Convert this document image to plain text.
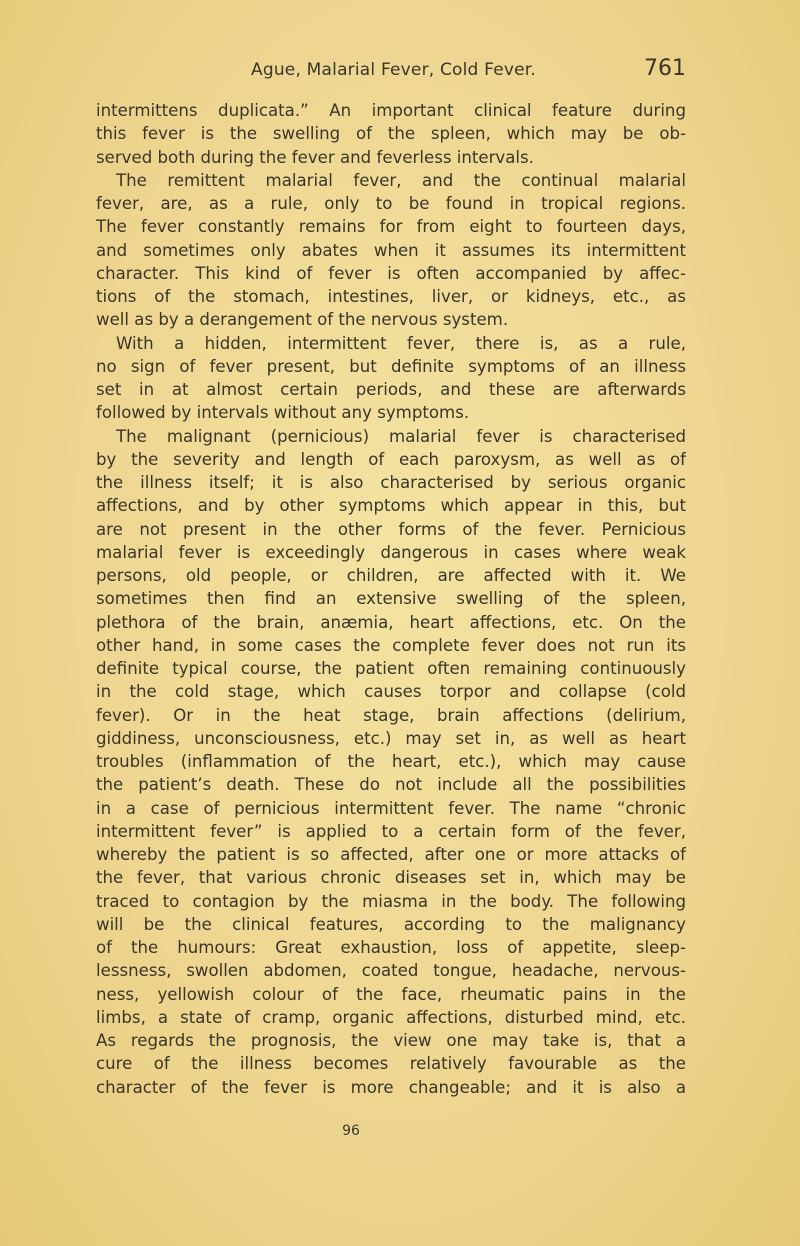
Ague, Malarial Fever, Cold Fever.	761
intermittens duplicata.” An important clinical feature during
this fever is the swelling of the spleen, which may be ob-
served both during the fever and feverless intervals.
The remittent malarial fever, and the continual malarial
fever, are, as a rule, only to be found in tropical regions.
The fever constantly remains for from eight to fourteen days,
and sometimes only abates when it assumes its intermittent
character. This kind of fever is often accompanied by affec-
tions of the stomach, intestines, liver, or kidneys, etc., as
well as by a derangement of the nervous system.
With a hidden, intermittent fever, there is, as a rule,
no sign of fever present, but definite symptoms of an illness
set in at almost certain periods, and these are afterwards
followed by intervals without any symptoms.
The malignant (pernicious) malarial fever is characterised
by the severity and length of each paroxysm, as well as of
the illness itself; it is also characterised by serious organic
affections, and by other symptoms which appear in this, but
are not present in the other forms of the fever. Pernicious
malarial fever is exceedingly dangerous in cases where weak
persons, old people, or children, are affected with it. We
sometimes then find an extensive swelling of the spleen,
plethora of the brain, anæmia, heart affections, etc. On the
other hand, in some cases the complete fever does not run its
definite typical course, the patient often remaining continuously
in the cold stage, which causes torpor and collapse (cold
fever). Or in the heat stage, brain affections (delirium,
giddiness, unconsciousness, etc.) may set in, as well as heart
troubles (inflammation of the heart, etc.), which may cause
the patient’s death. These do not include all the possibilities
in a case of pernicious intermittent fever. The name “chronic
intermittent fever” is applied to a certain form of the fever,
whereby the patient is so affected, after one or more attacks of
the fever, that various chronic diseases set in, which may be
traced to contagion by the miasma in the body. The following
will be the clinical features, according to the malignancy
of the humours: Great exhaustion, loss of appetite, sleep-
lessness, swollen abdomen, coated tongue, headache, nervous-
ness, yellowish colour of the face, rheumatic pains in the
limbs, a state of cramp, organic affections, disturbed mind, etc.
As regards the prognosis, the view one may take is, that a
cure of the illness becomes relatively favourable as the
character of the fever is more changeable; and it is also a
96
